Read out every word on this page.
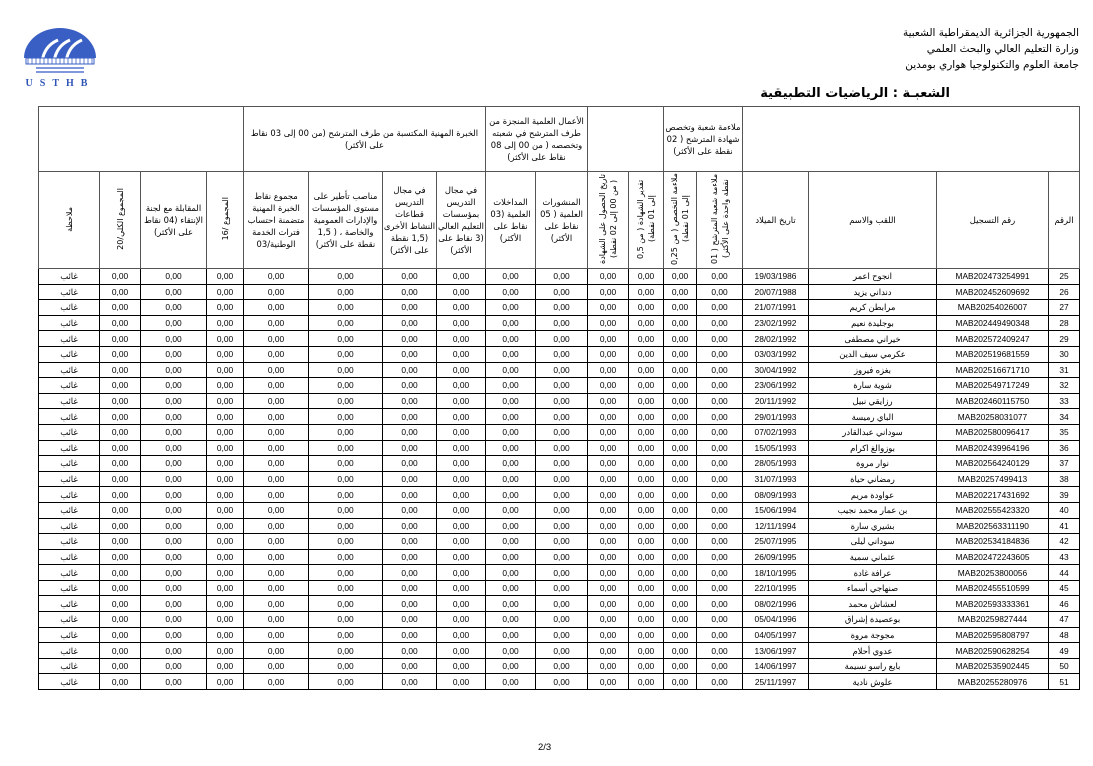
USTHB
الجمهورية الجزائرية الديمقراطية الشعبية
وزارة التعليم العالي والبحث العلمي
جامعة العلوم والتكنولوجيا هواري بومدين
الشعبـة : الرياضيات التطبيقية
				ملاءمة شعبة وتخصص شهادة المترشح ( 02 نقطة على الأكثر)				الأعمال العلمية المنجزة من طرف المترشح في شعبته وتخصصه ( من 00 إلى 08 نقاط على الأكثر)		الخبرة المهنية المكتسبة من طرف المترشح (من 00 إلى 03 نقاط على الأكثر)							
الرقم	رقم التسجيل	اللقب والاسم	تاريخ الميلاد	ملاءمة شعبة المترشح ( 01 نقطة واحدة على الأكثر)	ملاءمة التخصص ( من 0,25 إلى 01 نقطة)	تقدير الشهادة ( من 0,5 إلى 01 نقطة)	تاريخ الحصول على الشهادة ( من 00 إلى 02 نقطة)	المنشورات العلمية ( 05 نقاط على الأكثر)	المداخلات العلمية (03 نقاط على الأكثر)	في مجال التدريس بمؤسسات التعليم العالي (3 نقاط على الأكثر)	في مجال التدريس قطاعات النشاط الأخرى (1,5 نقطة على الأكثر)	مناصب تأطير على مستوى المؤسسات والإدارات العمومية والخاصة ، ( 1,5 نقطة على الأكثر)	مجموع نقاط الخبرة المهنية متضمنة احتساب فترات الخدمة الوطنية/03	المجموع /16	المقابلة مع لجنة الإنتقاء (04 نقاط على الأكثر)	المجموع الكلي/20	ملاحظة
25	MAB202473254991	انجوح اعمر	19/03/1986	0,00	0,00	0,00	0,00	0,00	0,00	0,00	0,00	0,00	0,00	0,00	0,00	0,00	غائب
26	MAB202452609692	دنداني يزيد	20/07/1988	0,00	0,00	0,00	0,00	0,00	0,00	0,00	0,00	0,00	0,00	0,00	0,00	0,00	غائب
27	MAB20254026007	مرابطن كريم	21/07/1991	0,00	0,00	0,00	0,00	0,00	0,00	0,00	0,00	0,00	0,00	0,00	0,00	0,00	غائب
28	MAB202449490348	بوجليدة نعيم	23/02/1992	0,00	0,00	0,00	0,00	0,00	0,00	0,00	0,00	0,00	0,00	0,00	0,00	0,00	غائب
29	MAB202572409247	خيراني مصطفى	28/02/1992	0,00	0,00	0,00	0,00	0,00	0,00	0,00	0,00	0,00	0,00	0,00	0,00	0,00	غائب
30	MAB202519681559	عكرمي سيف الدين	03/03/1992	0,00	0,00	0,00	0,00	0,00	0,00	0,00	0,00	0,00	0,00	0,00	0,00	0,00	غائب
31	MAB202516671710	بغزه فيروز	30/04/1992	0,00	0,00	0,00	0,00	0,00	0,00	0,00	0,00	0,00	0,00	0,00	0,00	0,00	غائب
32	MAB202549717249	شوية سارة	23/06/1992	0,00	0,00	0,00	0,00	0,00	0,00	0,00	0,00	0,00	0,00	0,00	0,00	0,00	غائب
33	MAB202460115750	رزايقي نبيل	20/11/1992	0,00	0,00	0,00	0,00	0,00	0,00	0,00	0,00	0,00	0,00	0,00	0,00	0,00	غائب
34	MAB20258031077	الباي رميسة	29/01/1993	0,00	0,00	0,00	0,00	0,00	0,00	0,00	0,00	0,00	0,00	0,00	0,00	0,00	غائب
35	MAB202580096417	سوداني عبدالقادر	07/02/1993	0,00	0,00	0,00	0,00	0,00	0,00	0,00	0,00	0,00	0,00	0,00	0,00	0,00	غائب
36	MAB202439964196	بوزوالغ اكرام	15/05/1993	0,00	0,00	0,00	0,00	0,00	0,00	0,00	0,00	0,00	0,00	0,00	0,00	0,00	غائب
37	MAB202564240129	نوار مروة	28/05/1993	0,00	0,00	0,00	0,00	0,00	0,00	0,00	0,00	0,00	0,00	0,00	0,00	0,00	غائب
38	MAB20257499413	رمضاني حياة	31/07/1993	0,00	0,00	0,00	0,00	0,00	0,00	0,00	0,00	0,00	0,00	0,00	0,00	0,00	غائب
39	MAB202217431692	عواودة مريم	08/09/1993	0,00	0,00	0,00	0,00	0,00	0,00	0,00	0,00	0,00	0,00	0,00	0,00	0,00	غائب
40	MAB202555423320	بن عمار محمد نجيب	15/06/1994	0,00	0,00	0,00	0,00	0,00	0,00	0,00	0,00	0,00	0,00	0,00	0,00	0,00	غائب
41	MAB202563311190	بشيري سارة	12/11/1994	0,00	0,00	0,00	0,00	0,00	0,00	0,00	0,00	0,00	0,00	0,00	0,00	0,00	غائب
42	MAB202534184836	سوداني ليلى	25/07/1995	0,00	0,00	0,00	0,00	0,00	0,00	0,00	0,00	0,00	0,00	0,00	0,00	0,00	غائب
43	MAB202472243605	عثماني سمية	26/09/1995	0,00	0,00	0,00	0,00	0,00	0,00	0,00	0,00	0,00	0,00	0,00	0,00	0,00	غائب
44	MAB20253800056	عرافة غادة	18/10/1995	0,00	0,00	0,00	0,00	0,00	0,00	0,00	0,00	0,00	0,00	0,00	0,00	0,00	غائب
45	MAB202455510599	صنهاجي أسماء	22/10/1995	0,00	0,00	0,00	0,00	0,00	0,00	0,00	0,00	0,00	0,00	0,00	0,00	0,00	غائب
46	MAB202593333361	لعشاش محمد	08/02/1996	0,00	0,00	0,00	0,00	0,00	0,00	0,00	0,00	0,00	0,00	0,00	0,00	0,00	غائب
47	MAB20259827444	بوعصيدة إشراق	05/04/1996	0,00	0,00	0,00	0,00	0,00	0,00	0,00	0,00	0,00	0,00	0,00	0,00	0,00	غائب
48	MAB202595808797	مجوجة مروة	04/05/1997	0,00	0,00	0,00	0,00	0,00	0,00	0,00	0,00	0,00	0,00	0,00	0,00	0,00	غائب
49	MAB202590628254	عدوي أحلام	13/06/1997	0,00	0,00	0,00	0,00	0,00	0,00	0,00	0,00	0,00	0,00	0,00	0,00	0,00	غائب
50	MAB202535902445	بايع راسو نسيمة	14/06/1997	0,00	0,00	0,00	0,00	0,00	0,00	0,00	0,00	0,00	0,00	0,00	0,00	0,00	غائب
51	MAB20255280976	علوش نادية	25/11/1997	0,00	0,00	0,00	0,00	0,00	0,00	0,00	0,00	0,00	0,00	0,00	0,00	0,00	غائب
2/3
